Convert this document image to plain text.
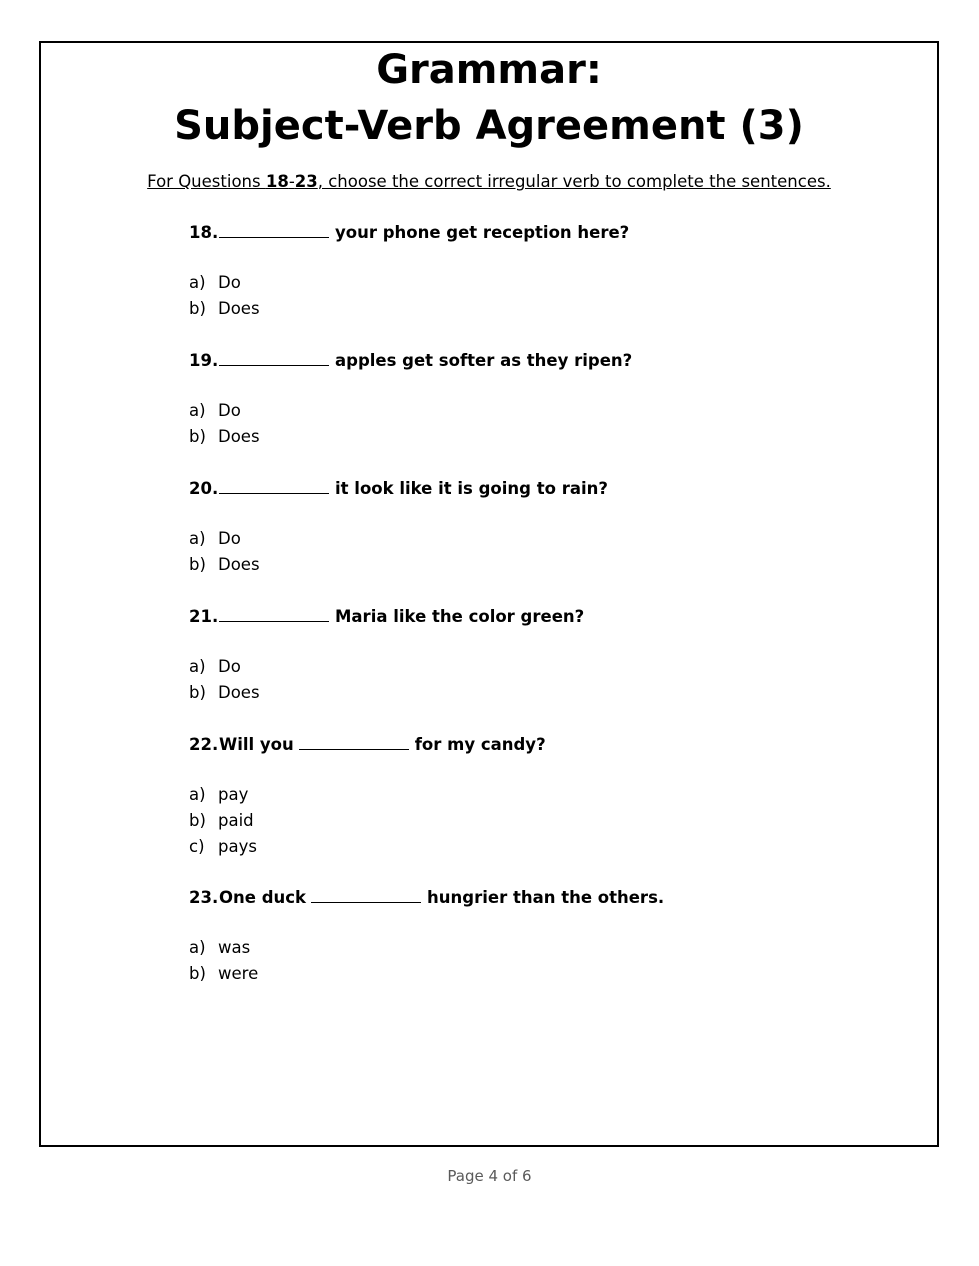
Grammar:
Subject-Verb Agreement (3)
For Questions 18-23, choose the correct irregular verb to complete the sentences.
18.	your phone get reception here?
a) Do
b) Does
19.	apples get softer as they ripen?
a) Do
b) Does
20.	it look like it is going to rain?
a) Do
b) Does
21.	Maria like the color green?
a) Do
b) Does
22.Will you	for my candy?
a) pay
b) paid
c) pays
23.One duck	hungrier than the others.
a) was
b) were
Page 4 of 6
